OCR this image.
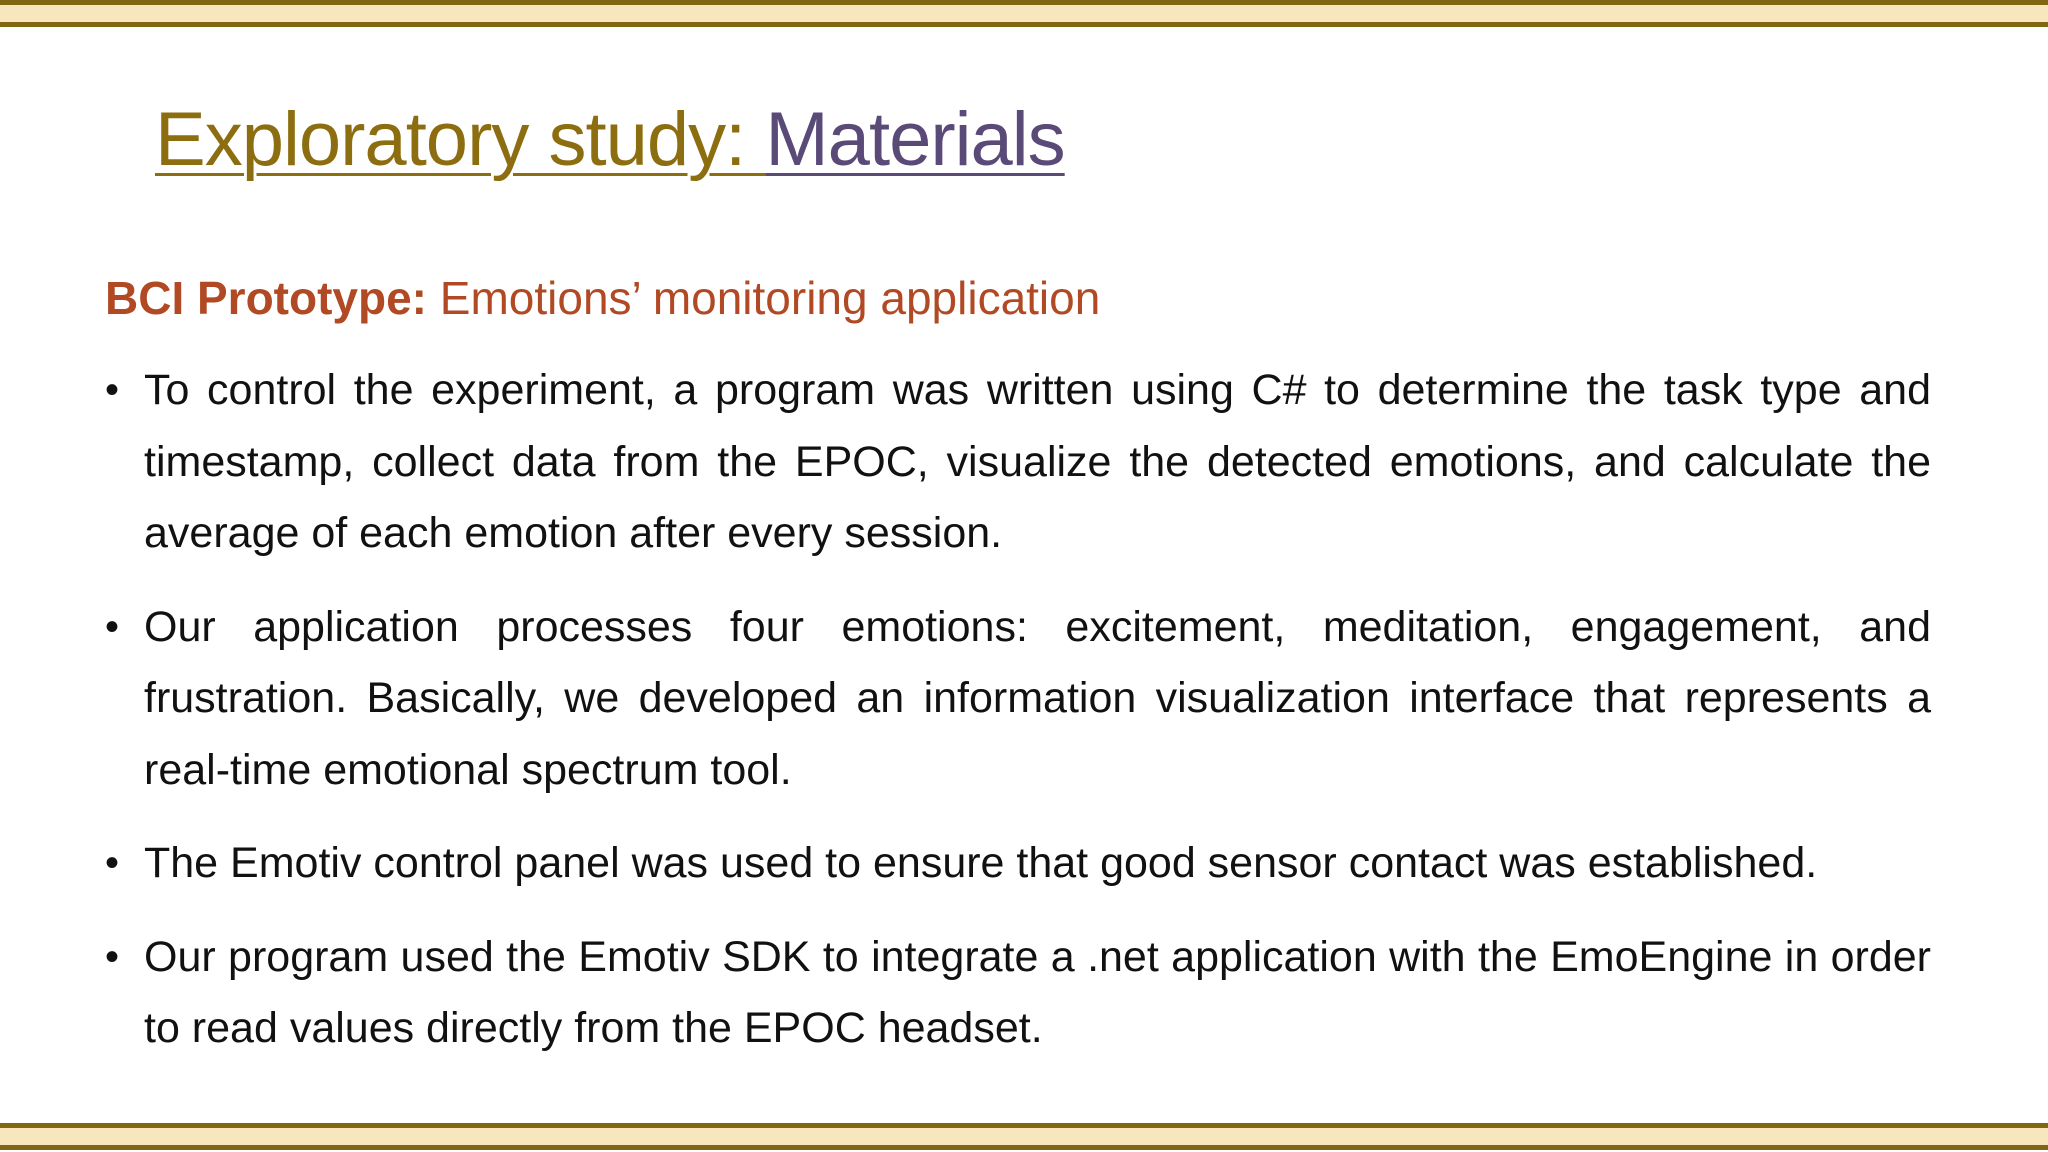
Exploratory study: Materials

BCI Prototype: Emotions’ monitoring application

• To control the experiment, a program was written using C# to determine the task type and timestamp, collect data from the EPOC, visualize the detected emotions, and calculate the average of each emotion after every session.
• Our application processes four emotions: excitement, meditation, engagement, and frustration. Basically, we developed an information visualization interface that represents a real-time emotional spectrum tool.
• The Emotiv control panel was used to ensure that good sensor contact was established.
• Our program used the Emotiv SDK to integrate a .net application with the EmoEngine in order to read values directly from the EPOC headset.
